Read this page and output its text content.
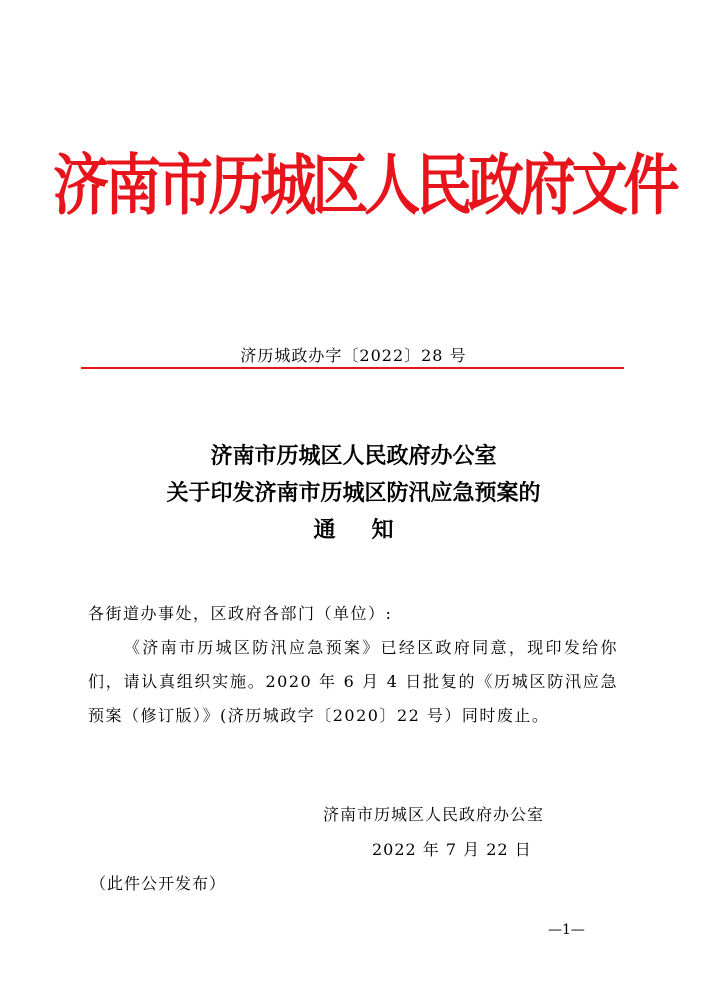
济南市历城区人民政府文件
济历城政办字〔2022〕28 号
济南市历城区人民政府办公室
关于印发济南市历城区防汛应急预案的
通知

各街道办事处，区政府各部门（单位）:

《济南市历城区防汛应急预案》已经区政府同意，现印发给你们，请认真组织实施。2020 年 6 月 4 日批复的《历城区防汛应急预案（修订版）》(济历城政字〔2020〕22 号）同时废止。

济南市历城区人民政府办公室
2022 年 7 月 22 日
（此件公开发布）
—1—
